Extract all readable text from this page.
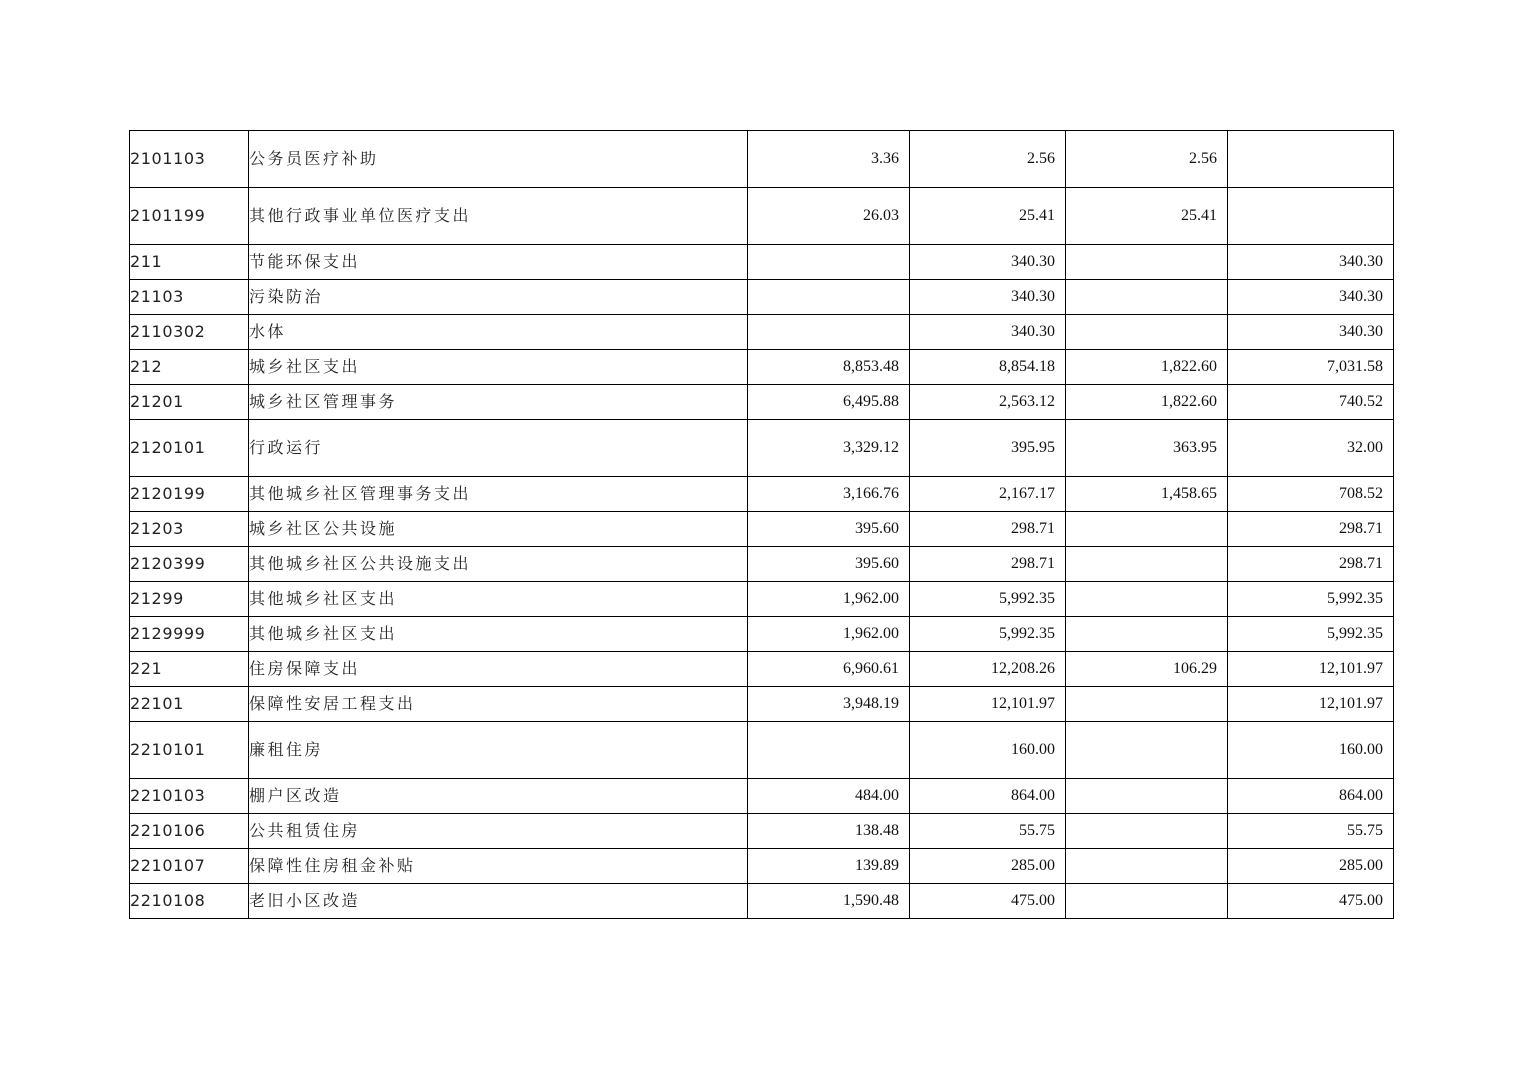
2101103	公务员医疗补助	3.36	2.56	2.56	
2101199	其他行政事业单位医疗支出	26.03	25.41	25.41	
211	节能环保支出		340.30		340.30
21103	污染防治		340.30		340.30
2110302	水体		340.30		340.30
212	城乡社区支出	8,853.48	8,854.18	1,822.60	7,031.58
21201	城乡社区管理事务	6,495.88	2,563.12	1,822.60	740.52
2120101	行政运行	3,329.12	395.95	363.95	32.00
2120199	其他城乡社区管理事务支出	3,166.76	2,167.17	1,458.65	708.52
21203	城乡社区公共设施	395.60	298.71		298.71
2120399	其他城乡社区公共设施支出	395.60	298.71		298.71
21299	其他城乡社区支出	1,962.00	5,992.35		5,992.35
2129999	其他城乡社区支出	1,962.00	5,992.35		5,992.35
221	住房保障支出	6,960.61	12,208.26	106.29	12,101.97
22101	保障性安居工程支出	3,948.19	12,101.97		12,101.97
2210101	廉租住房		160.00		160.00
2210103	棚户区改造	484.00	864.00		864.00
2210106	公共租赁住房	138.48	55.75		55.75
2210107	保障性住房租金补贴	139.89	285.00		285.00
2210108	老旧小区改造	1,590.48	475.00		475.00
